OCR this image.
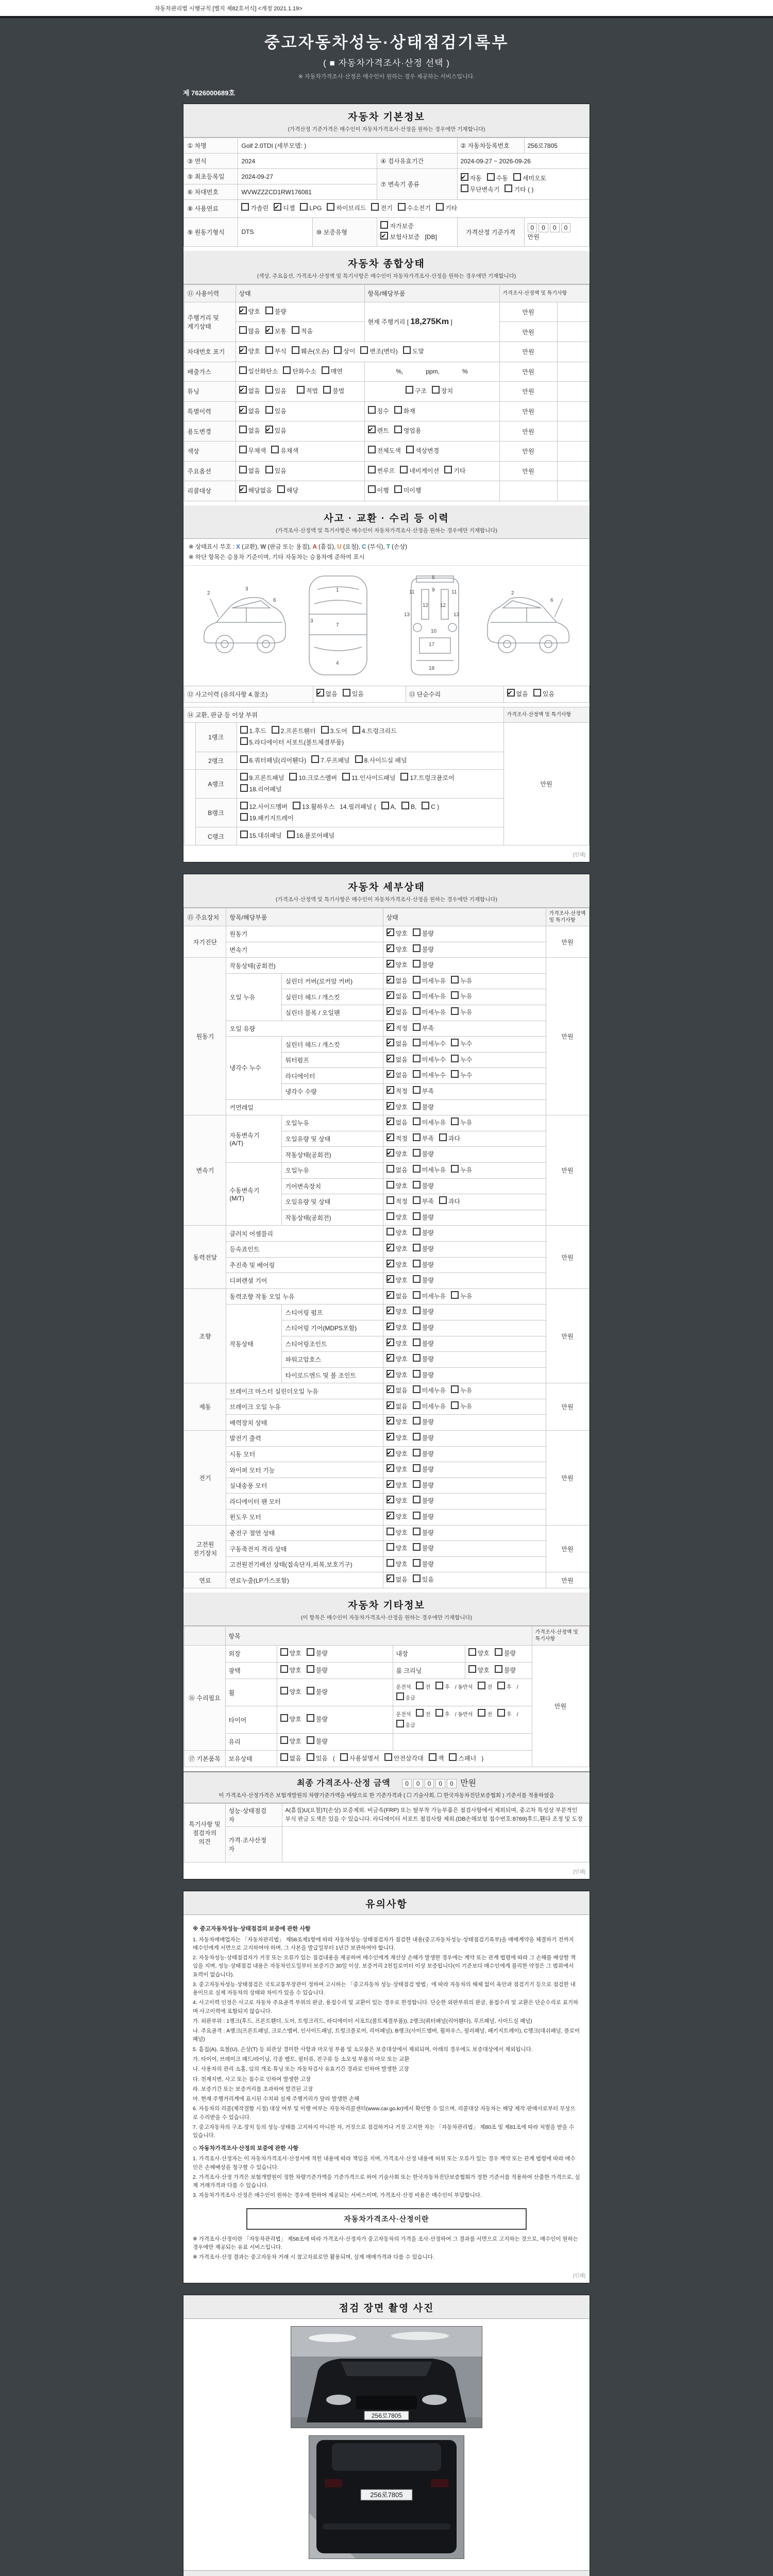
자동차관리법 시행규칙 [별지 제82호서식] <개정 2021.1.19>
중고자동차성능·상태점검기록부
( ■ 자동차가격조사·산정 선택 )
※ 자동차가격조사·산정은 매수인이 원하는 경우 제공하는 서비스입니다.
제 7626000689호
자동차 기본정보
(가격산정 기준가격은 매수인이 자동차가격조사·산정을 원하는 경우에만 기재합니다)
① 차명	Golf 2.0TDI (세부모델: )			② 자동차등록번호	256로7805
③ 연식	2024		④ 검사유효기간	2024-09-27 ~ 2026-09-26	
⑤ 최초등록일	2024-09-27		⑦ 변속기 종류	✔자동 수동 세미오토
무단변속기 기타 ( )
⑥ 차대번호	WVWZZZCD1RW176081				
⑧ 사용연료	가솔린 ✔ 디젤 LPG 하이브리드 전기 수소전기 기타
⑨ 원동기형식	DTS	⑩ 보증유형	자가보증✔보험사보증 [DB]	가격산정 기준가격	0 0 0 0 만원
자동차 종합상태
(색상, 주요옵션, 가격조사·산정액 및 특기사항은 매수인이 자동차가격조사·산정을 원하는 경우에만 기재합니다)
⑪ 사용이력	상태	항목/해당부품	가격조사·산정액 및 특기사항	
주행거리 및
계기상태	✔양호 불량	현재 주행거리 [ 18,275Km ]	만원	
	많음 ✔ 보통 적음		만원	
차대번호 표기	✔양호 부식 훼손(오손) 상이 변조(변타) 도말		만원	
배출가스	일산화탄소 탄화수소 매연	%, ppm, %	만원	
튜닝	✔없음 있음 적법 불법	구조 장치	만원	
특별이력	✔없음 있음	침수 화재	만원	
용도변경	없음 ✔ 있음	✔렌트 영업용	만원	
색상	무채색 유채색	전체도색 색상변경	만원	
주요옵션	없음 있음	썬루프 네비게이션 기타	만원	
리콜대상	✔해당없음 해당	이행 미이행		
사고 · 교환 · 수리 등 이력
(가격조사·산정액 및 특기사항은 매수인이 자동차가격조사·산정을 원하는 경우에만 기재합니다)
※ 상태표시 부호 : X (교환), W (판금 또는 용접), A (흠집), U (요철), C (부식), T (손상)
※ 하단 항목은 승용차 기준이며, 기타 자동차는 승용차에 준하여 표시
2
3
6
1
7
4
3
5
9
11	11
13	13
12 12
10
17
18
2
6
⑫ 사고이력 (유의사항 4.참조)	✔없음 있음	⑬ 단순수리	✔없음 있음
⑭ 교환, 판금 등 이상 부위			가격조사·산정액 및 특기사항
	1랭크	1.후드 2.프론트휀더 3.도어 4.트렁크리드
5.라디에이터 서포트(볼트체결부품)	만원
	2랭크	6.쿼터패널(리어휀다) 7.루프패널 8.사이드실 패널	
	A랭크	9.프론트패널 10.크로스멤버 11.인사이드패널 17.트렁크플로어
18.리어패널	
	B랭크	12.사이드멤버 13.휠하우스 14.필러패널 ( A, B, C )
19.패키지트레이	
	C랭크	15.대쉬패널 16.플로어패널	
[인쇄]
자동차 세부상태
(가격조사·산정액 및 특기사항은 매수인이 자동차가격조사·산정을 원하는 경우에만 기재합니다)
⑮ 주요장치	항목/해당부품		상태	가격조사·산정액 및 특기사항
자기진단	원동기	✔양호 불량	만원
	변속기	✔양호 불량
원동기	작동상태(공회전)	✔양호 불량	만원
	오일 누유	실린더 커버(로커암 커버)	✔없음 미세누유 누유
		실린더 헤드 / 개스킷	✔없음 미세누유 누유
		실린더 블록 / 오일팬	✔없음 미세누유 누유
	오일 유량	✔적정 부족
	냉각수 누수	실린더 헤드 / 개스킷	✔없음 미세누수 누수
		워터펌프	✔없음 미세누수 누수
		라디에이터	✔없음 미세누수 누수
		냉각수 수량	✔적정 부족
	커먼레일	✔양호 불량
변속기	자동변속기
(A/T)	오일누유	✔없음 미세누유 누유	만원
		오일유량 및 상태	✔적정 부족 과다
		작동상태(공회전)	✔양호 불량
	수동변속기
(M/T)	오일누유	없음 미세누유 누유	
		기어변속장치	양호 불량	
		오일유량 및 상태	적정 부족 과다	
		작동상태(공회전)	양호 불량	
동력전달	클러치 어셈블리		양호 불량	만원
	등속죠인트	✔양호 불량
	추진축 및 베어링	✔양호 불량
	디퍼렌셜 기어	✔양호 불량
조향	동력조향 작동 오일 누유	✔없음 미세누유 누유	만원
	작동상태	스티어링 펌프	✔양호 불량
		스티어링 기어(MDPS포함)	✔양호 불량
		스티어링조인트	✔양호 불량
		파워고압호스	✔양호 불량
		타이로드엔드 및 볼 조인트	✔양호 불량
제동	브레이크 마스터 실린더오일 누유	✔없음 미세누유 누유	만원
	브레이크 오일 누유	✔없음 미세누유 누유
	배력장치 상태	✔양호 불량
전기	발전기 출력	✔양호 불량	만원
	시동 모터	✔양호 불량
	와이퍼 모터 기능	✔양호 불량
	실내송풍 모터	✔양호 불량
	라디에이터 팬 모터	✔양호 불량
	윈도우 모터	✔양호 불량
고전원
전기장치	충전구 절연 상태		양호 불량	만원
	구동축전지 격리 상태		양호 불량	
	고전원전기배선 상태(접속단자,피복,보호기구)		양호 불량	
연료	연료누출(LP가스포함)	✔없음 있음	만원
자동차 기타정보
(이 항목은 매수인이 자동차가격조사·산정을 원하는 경우에만 기재합니다)
	항목				가격조사·산정액 및 특기사항
⑯ 수리필요	외장	양호 불량	내장	양호 불량	만원
	광택	양호 불량	룸 크리닝	양호 불량	
	휠	양호 불량	운전석 전 후 / 동반석 전 후 /응급		
	타이어	양호 불량	운전석 전 후 / 동반석 전 후 /응급		
	유리	양호 불량			
⑰ 기본품목	보유상태	없음 있음 ( 사용설명서 안전삼각대 잭 스패너 )			
최종 가격조사·산정 금액 0 0 0 0 0 만원
이 가격조사·산정가격은 보험개발원의 차량기준가액을 바탕으로 한 기준가격과 ( ☐ 기술사회, ☐ 한국자동차진단보증협회 ) 기준서를 적용하였음
특기사항 및
점검자의 의견	성능·상태점검
자	A(흠집)U(요철)T(손상) 보증제외. 비금속(FRP) 또는 탈부착 가능부품은 점검사항에서 제외되며, 중고차 특성상 부분적인 부식 판금 도색은 있을 수 있습니다. 라디에이터 서포트 점검사항 제외.(DB손해보험 접수번호:8769)후드,휀다 조정 및 도장
	가격·조사산정
자	
[인쇄]
유의사항
※ 중고자동차성능·상태점검의 보증에 관한 사항
1. 자동차매매업자는 「자동차관리법」 제58조제1항에 따라 자동차성능·상태점검자가 점검한 내용(중고자동차성능·상태점검기록부)을 매매계약을 체결하기 전까지 매수인에게 서면으로 고지하여야 하며, 그 사본을 발급일부터 1년간 보관하여야 합니다.
2. 자동차성능·상태점검자가 거짓 또는 오류가 있는 점검내용을 제공하여 매수인에게 재산상 손해가 발생한 경우에는 계약 또는 관계 법령에 따라 그 손해를 배상할 책임을 지며, 성능·상태점검 내용은 자동차인도일부터 보증기간 30일 이상, 보증거리 2천킬로미터 이상 보증됩니다(이 기준보다 매수인에게 불리한 약정은 그 범위에서 효력이 없습니다).
3. 중고자동차성능·상태점검은 국토교통부장관이 정하여 고시하는 「중고자동차 성능·상태점검 방법」에 따라 자동차의 해체 없이 육안과 점검기기 등으로 점검한 내용이므로 실제 자동차의 상태와 차이가 있을 수 있습니다.
4. 사고이력 인정은 사고로 자동차 주요골격 부위의 판금, 용접수리 및 교환이 있는 경우로 한정합니다. 단순한 외판부위의 판금, 용접수리 및 교환은 단순수리로 표기하며 사고이력에 포함되지 않습니다.
가. 외판부위 : 1랭크(후드, 프론트휀더, 도어, 트렁크리드, 라디에이터 서포트(볼트체결부품)), 2랭크(쿼터패널(리어휀다), 루프패널, 사이드실 패널)
나. 주요골격 : A랭크(프론트패널, 크로스멤버, 인사이드패널, 트렁크플로어, 리어패널), B랭크(사이드멤버, 휠하우스, 필러패널, 패키지트레이), C랭크(대쉬패널, 플로어패널)
5. 흠집(A), 요철(U), 손상(T) 등 외관상 경미한 사항과 마모성 부품 및 소모품은 보증대상에서 제외되며, 아래의 경우에도 보증대상에서 제외됩니다.
가. 타이어, 브레이크 패드/라이닝, 각종 벨트, 필터류, 전구류 등 소모성 부품의 마모 또는 교환
나. 사용자의 관리 소홀, 임의 개조·튜닝 또는 자동차검사 유효기간 경과로 인하여 발생한 고장
다. 천재지변, 사고 또는 침수로 인하여 발생한 고장
라. 보증기간 또는 보증거리를 초과하여 발견된 고장
마. 현재 주행거리계에 표시된 수치와 실제 주행거리가 달라 발생한 손해
6. 자동차의 리콜(제작결함 시정) 대상 여부 및 이행 여부는 자동차리콜센터(www.car.go.kr)에서 확인할 수 있으며, 리콜대상 자동차는 해당 제작·판매사로부터 무상으로 수리받을 수 있습니다.
7. 중고자동차의 구조·장치 등의 성능·상태를 고지하지 아니한 자, 거짓으로 점검하거나 거짓 고지한 자는 「자동차관리법」 제80조 및 제81조에 따라 처벌을 받을 수 있습니다.
◇ 자동차가격조사·산정의 보증에 관한 사항
1. 가격조사·산정자는 이 자동차가격조사·산정서에 적힌 내용에 따라 책임을 지며, 가격조사·산정 내용에 허위 또는 오류가 있는 경우 계약 또는 관계 법령에 따라 매수인은 손해배상을 청구할 수 있습니다.
2. 가격조사·산정 가격은 보험개발원이 정한 차량기준가액을 기준가격으로 하여 기술사회 또는 한국자동차진단보증협회가 정한 기준서를 적용하여 산출한 가격으로, 실제 거래가격과 다를 수 있습니다.
3. 자동차가격조사·산정은 매수인이 원하는 경우에 한하여 제공되는 서비스이며, 가격조사·산정 비용은 매수인이 부담합니다.
자동차가격조사·산정이란
※ 가격조사·산정이란 「자동차관리법」 제58조에 따라 가격조사·산정자가 중고자동차의 가격을 조사·산정하여 그 결과를 서면으로 고지하는 것으로, 매수인이 원하는 경우에만 제공되는 유료 서비스입니다.
※ 가격조사·산정 결과는 중고자동차 거래 시 참고자료로만 활용되며, 실제 매매가격과 다를 수 있습니다.
[인쇄]
점검 장면 촬영 사진
256로7805
256로7805
